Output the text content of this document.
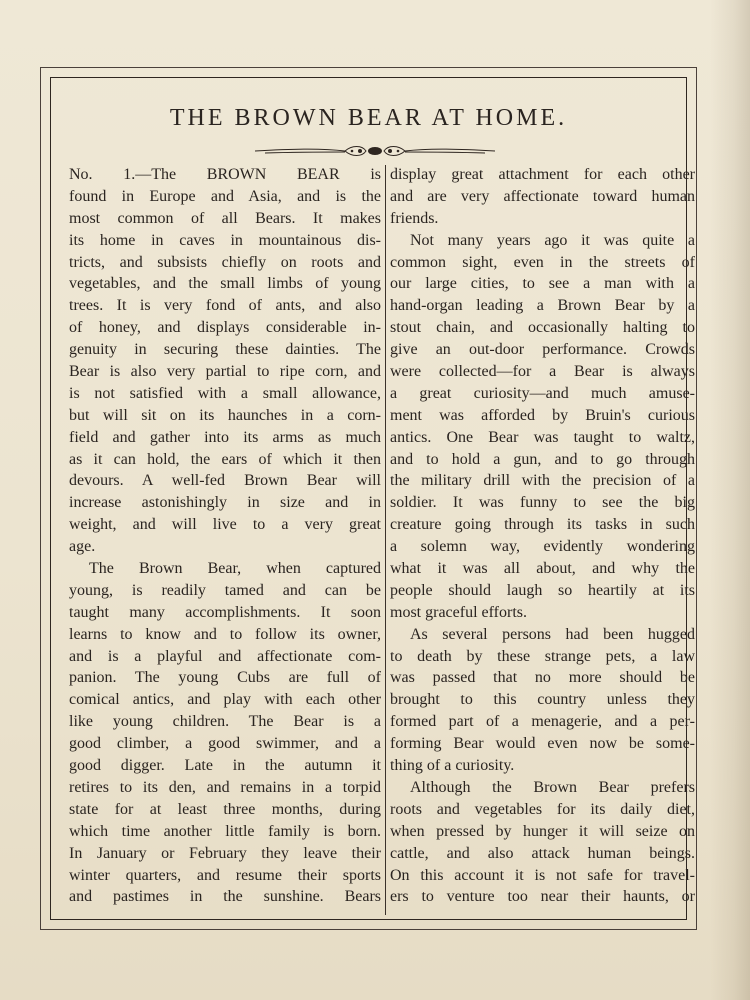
THE BROWN BEAR AT HOME.
No. 1.—The BROWN BEAR is
found in Europe and Asia, and is the
most common of all Bears. It makes
its home in caves in mountainous dis-
tricts, and subsists chiefly on roots and
vegetables, and the small limbs of young
trees. It is very fond of ants, and also
of honey, and displays considerable in-
genuity in securing these dainties. The
Bear is also very partial to ripe corn, and
is not satisfied with a small allowance,
but will sit on its haunches in a corn-
field and gather into its arms as much
as it can hold, the ears of which it then
devours. A well-fed Brown Bear will
increase astonishingly in size and in
weight, and will live to a very great
age.
The Brown Bear, when captured
young, is readily tamed and can be
taught many accomplishments. It soon
learns to know and to follow its owner,
and is a playful and affectionate com-
panion. The young Cubs are full of
comical antics, and play with each other
like young children. The Bear is a
good climber, a good swimmer, and a
good digger. Late in the autumn it
retires to its den, and remains in a torpid
state for at least three months, during
which time another little family is born.
In January or February they leave their
winter quarters, and resume their sports
and pastimes in the sunshine. Bears
display great attachment for each other
and are very affectionate toward human
friends.
Not many years ago it was quite a
common sight, even in the streets of
our large cities, to see a man with a
hand-organ leading a Brown Bear by a
stout chain, and occasionally halting to
give an out-door performance. Crowds
were collected—for a Bear is always
a great curiosity—and much amuse-
ment was afforded by Bruin's curious
antics. One Bear was taught to waltz,
and to hold a gun, and to go through
the military drill with the precision of a
soldier. It was funny to see the big
creature going through its tasks in such
a solemn way, evidently wondering
what it was all about, and why the
people should laugh so heartily at its
most graceful efforts.
As several persons had been hugged
to death by these strange pets, a law
was passed that no more should be
brought to this country unless they
formed part of a menagerie, and a per-
forming Bear would even now be some-
thing of a curiosity.
Although the Brown Bear prefers
roots and vegetables for its daily diet,
when pressed by hunger it will seize on
cattle, and also attack human beings.
On this account it is not safe for travel-
ers to venture too near their haunts, or
